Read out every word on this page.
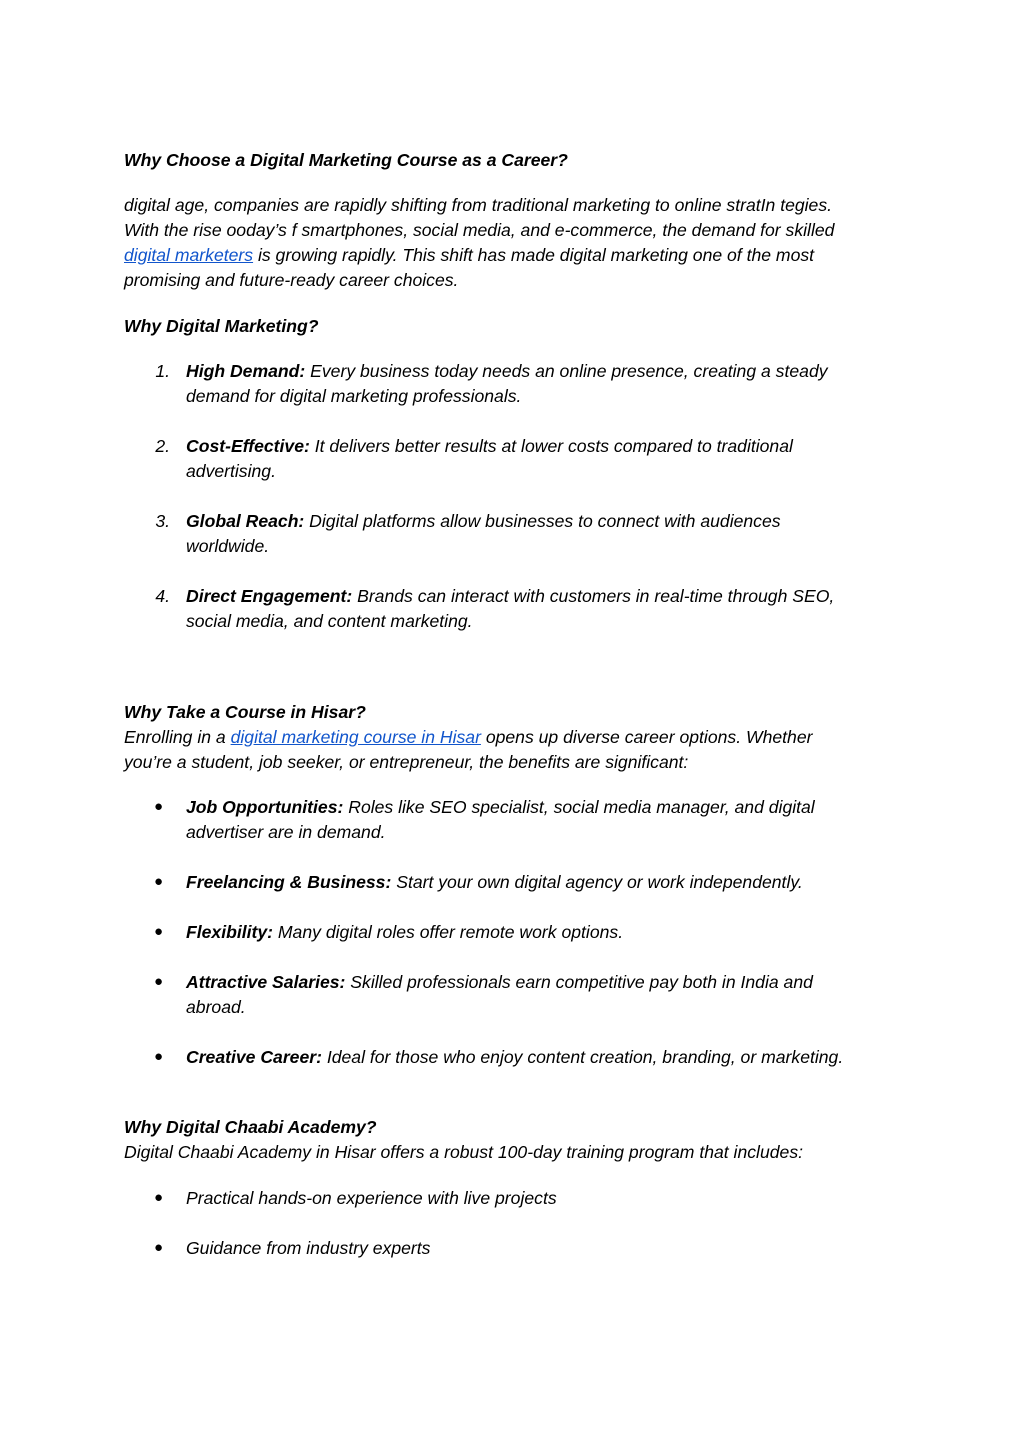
Why Choose a Digital Marketing Course as a Career?

digital age, companies are rapidly shifting from traditional marketing to online stratIn tegies.

With the rise ooday’s f smartphones, social media, and e-commerce, the demand for skilled

digital marketers is growing rapidly. This shift has made digital marketing one of the most

promising and future-ready career choices.

Why Digital Marketing?
1. High Demand: Every business today needs an online presence, creating a steady
demand for digital marketing professionals.
2. Cost-Effective: It delivers better results at lower costs compared to traditional
advertising.
3. Global Reach: Digital platforms allow businesses to connect with audiences
worldwide.
4. Direct Engagement: Brands can interact with customers in real-time through SEO,
social media, and content marketing.
Why Take a Course in Hisar?

Enrolling in a digital marketing course in Hisar opens up diverse career options. Whether

you’re a student, job seeker, or entrepreneur, the benefits are significant:

● Job Opportunities: Roles like SEO specialist, social media manager, and digital
advertiser are in demand.
● Freelancing & Business: Start your own digital agency or work independently.
● Flexibility: Many digital roles offer remote work options.
● Attractive Salaries: Skilled professionals earn competitive pay both in India and
abroad.
● Creative Career: Ideal for those who enjoy content creation, branding, or marketing.
Why Digital Chaabi Academy?
Digital Chaabi Academy in Hisar offers a robust 100-day training program that includes:
● Practical hands-on experience with live projects
● Guidance from industry experts
